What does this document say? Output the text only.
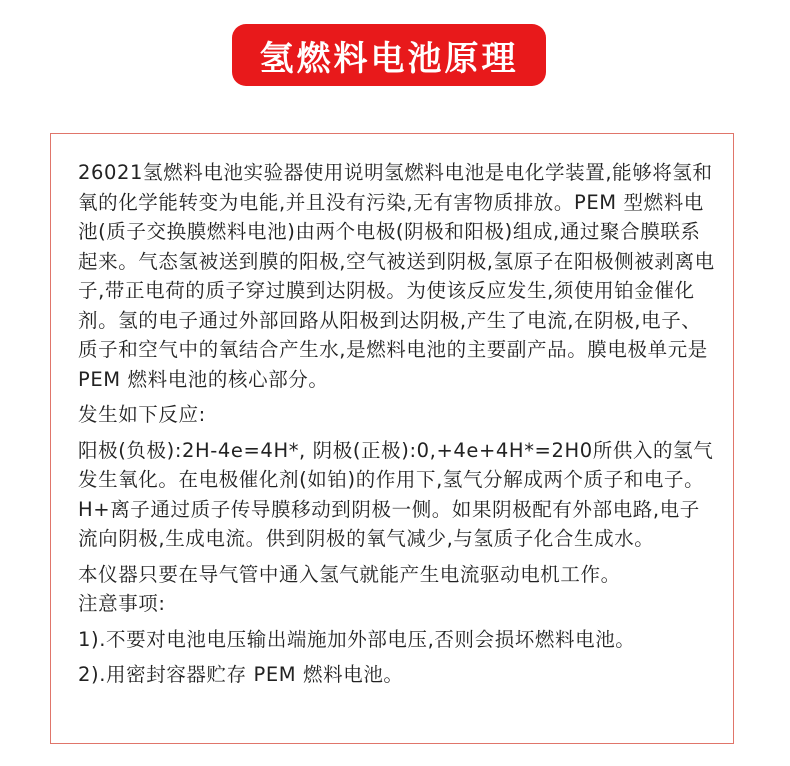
氢燃料电池原理

26021氢燃料电池实验器使用说明氢燃料电池是电化学装置,能够将氢和氧的化学能转变为电能,并且没有污染,无有害物质排放。PEM 型燃料电池(质子交换膜燃料电池)由两个电极(阴极和阳极)组成,通过聚合膜联系起来。气态氢被送到膜的阳极,空气被送到阴极,氢原子在阳极侧被剥离电子,带正电荷的质子穿过膜到达阴极。为使该反应发生,须使用铂金催化剂。氢的电子通过外部回路从阳极到达阴极,产生了电流,在阴极,电子、质子和空气中的氧结合产生水,是燃料电池的主要副产品。膜电极单元是 PEM 燃料电池的核心部分。

发生如下反应:

阳极(负极):2H-4e=4H*, 阴极(正极):0,+4e+4H*=2H0所供入的氢气发生氧化。在电极催化剂(如铂)的作用下,氢气分解成两个质子和电子。H+离子通过质子传导膜移动到阴极一侧。如果阴极配有外部电路,电子流向阴极,生成电流。供到阴极的氧气减少,与氢质子化合生成水。

本仪器只要在导气管中通入氢气就能产生电流驱动电机工作。

注意事项:

1).不要对电池电压输出端施加外部电压,否则会损坏燃料电池。

2).用密封容器贮存 PEM 燃料电池。
